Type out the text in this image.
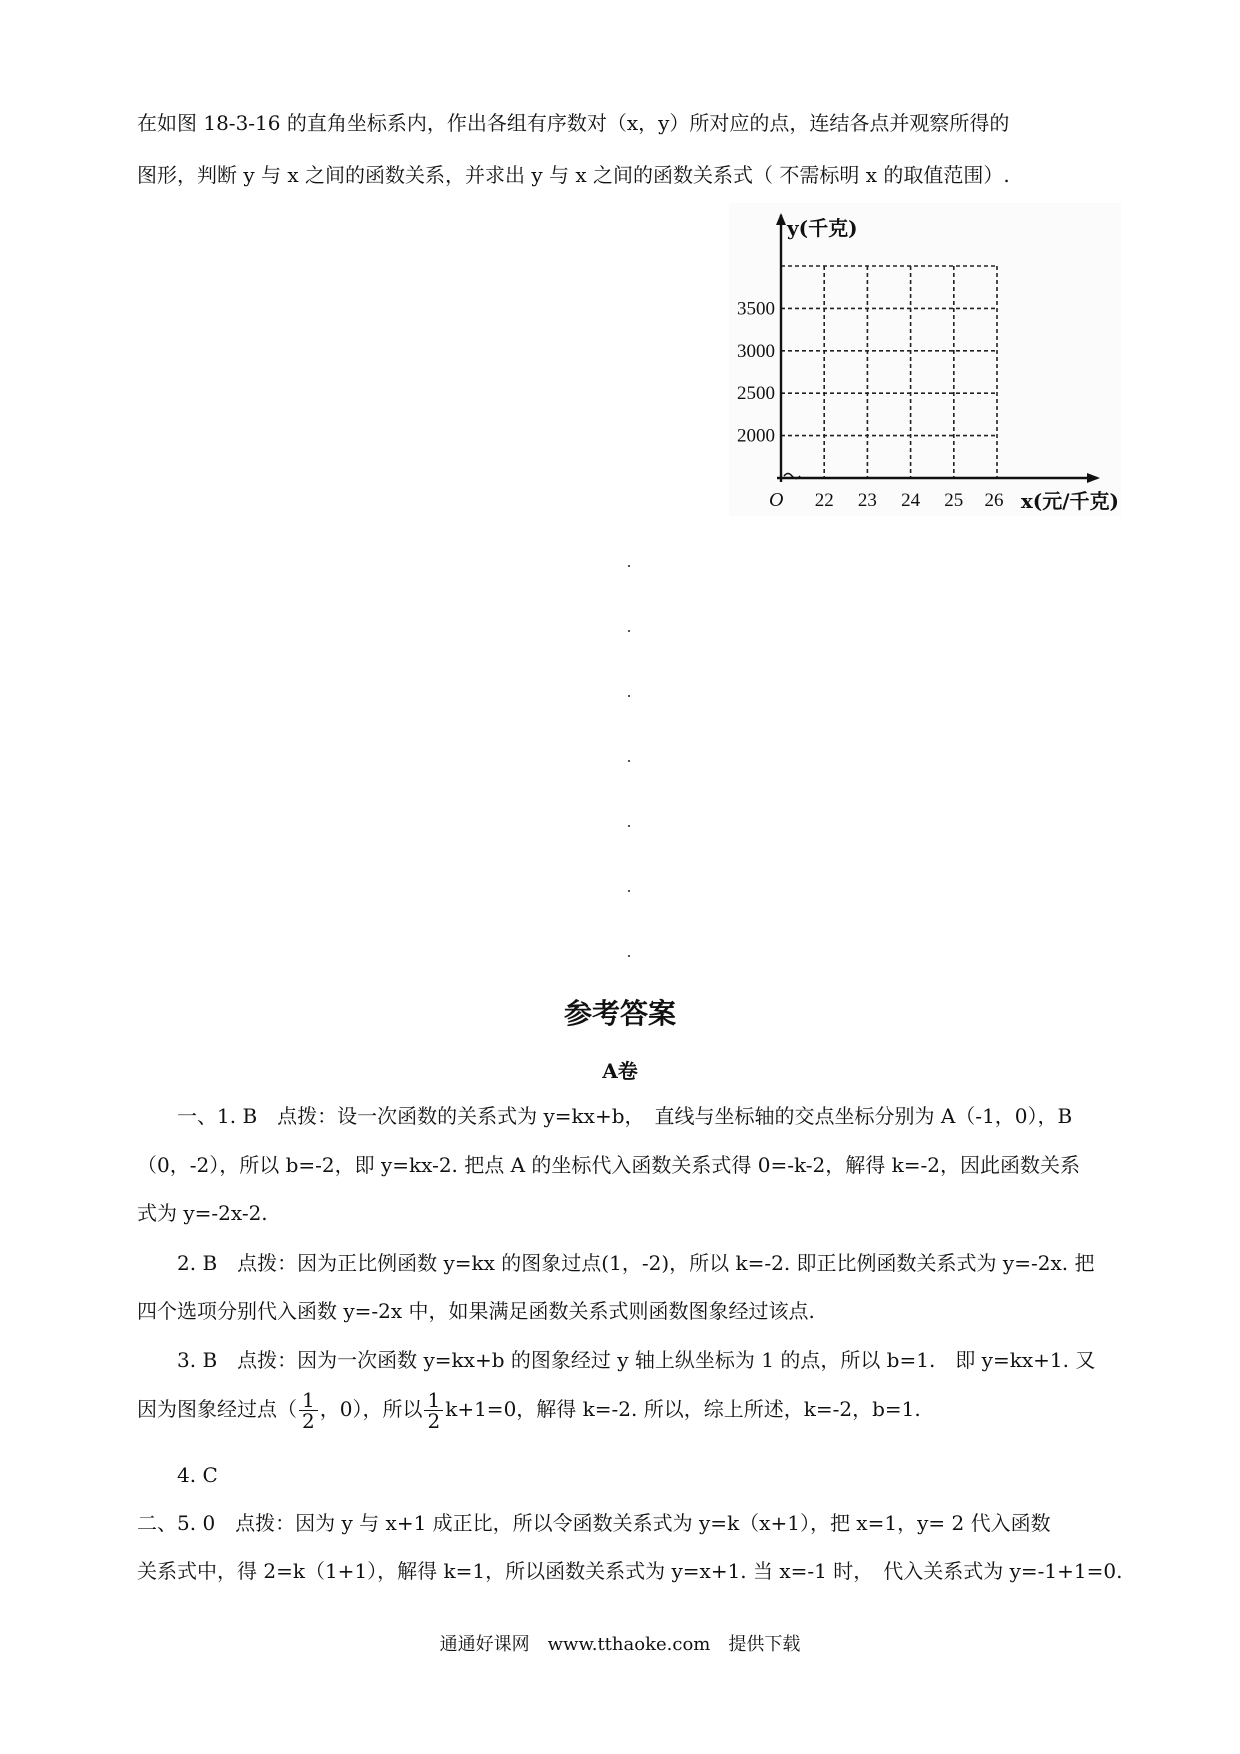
在如图 18-3-16 的直角坐标系内，作出各组有序数对（x，y）所对应的点，连结各点并观察所得的
图形，判断 y 与 x 之间的函数关系，并求出 y 与 x 之间的函数关系式（ 不需标明 x 的取值范围）.
22 23 24 25 26
2000
2500
3000
3500
O
y(千克)
x(元/千克)
参考答案
A卷
一、1. B　点拨：设一次函数的关系式为 y=kx+b，　直线与坐标轴的交点坐标分别为 A（-1，0），B
（0，-2），所以 b=-2，即 y=kx-2. 把点 A 的坐标代入函数关系式得 0=-k-2，解得 k=-2，因此函数关系
式为 y=-2x-2.
2. B　点拨：因为正比例函数 y=kx 的图象过点(1，-2)，所以 k=-2. 即正比例函数关系式为 y=-2x. 把
四个选项分别代入函数 y=-2x 中，如果满足函数关系式则函数图象经过该点.
3. B　点拨：因为一次函数 y=kx+b 的图象经过 y 轴上纵坐标为 1 的点，所以 b=1.　即 y=kx+1. 又
因为图象经过点（ $\frac{1}{2}$ ，0），所以 $\frac{1}{2} k+1=0$，解得 k=-2. 所以，综上所述，k=-2，b=1.
4. C
二、5. 0　点拨：因为 y 与 x+1 成正比，所以令函数关系式为 y=k（x+1），把 x=1，y= 2 代入函数
关系式中，得 2=k（1+1），解得 k=1，所以函数关系式为 y=x+1. 当 x=-1 时，　代入关系式为 y=-1+1=0.
通通好课网　www.tthaoke.com　提供下载
